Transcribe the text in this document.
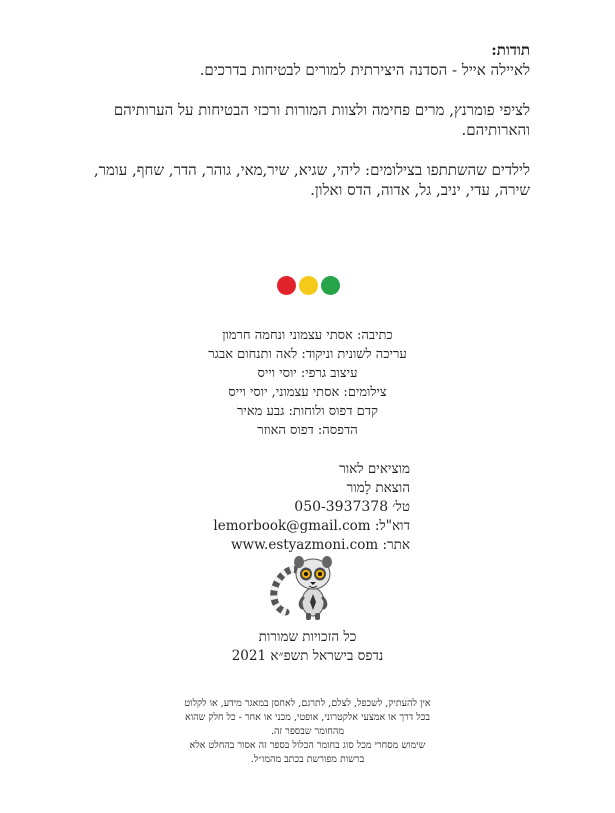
תודות:

לאיילה אייל - הסדנה היצירתית למורים לבטיחות בדרכים.

לציפי פומרנץ, מרים פחימה ולצוות המורות ורכזי הבטיחות על הערותיהם
והארותיהם.

לילדים שהשתתפו בצילומים: ליהי, שגיא, שיר,מאי, גוהר, הדר, שחף, עומר,
שירה, עדי, יניב, גל, אדוה, הדס ואלון.

כתיבה: אסתי עצמוני ונחמה חרמון
עריכה לשונית וניקוד: לאה ותנחום אבגר
עיצוב גרפי: יוסי וייס
צילומים: אסתי עצמוני, יוסי וייס
קדם דפוס ולוחות: גבע מאיר
הדפסה: דפוס האוזר
מוציאים לאור
הוצאת לָמור
טל׳ 050-3937378
דוא"ל: lemorbook@gmail.com
אתר: www.estyazmoni.com
כל הזכויות שמורות
נדפס בישראל תשפ״א 2021
אין להעתיק, לשכפל, לצלם, לתרגם, לאחסן במאגר מידע, או לקלוט
בכל דרך או אמצעי אלקטרוני, אופטי, מכני או אחר - כל חלק שהוא
מהחומר שבספר זה.
שימוש מסחרי מכל סוג בחומר הכלול בספר זה אסור בהחלט אלא
ברשות מפורשת בכתב מהמו״ל.
